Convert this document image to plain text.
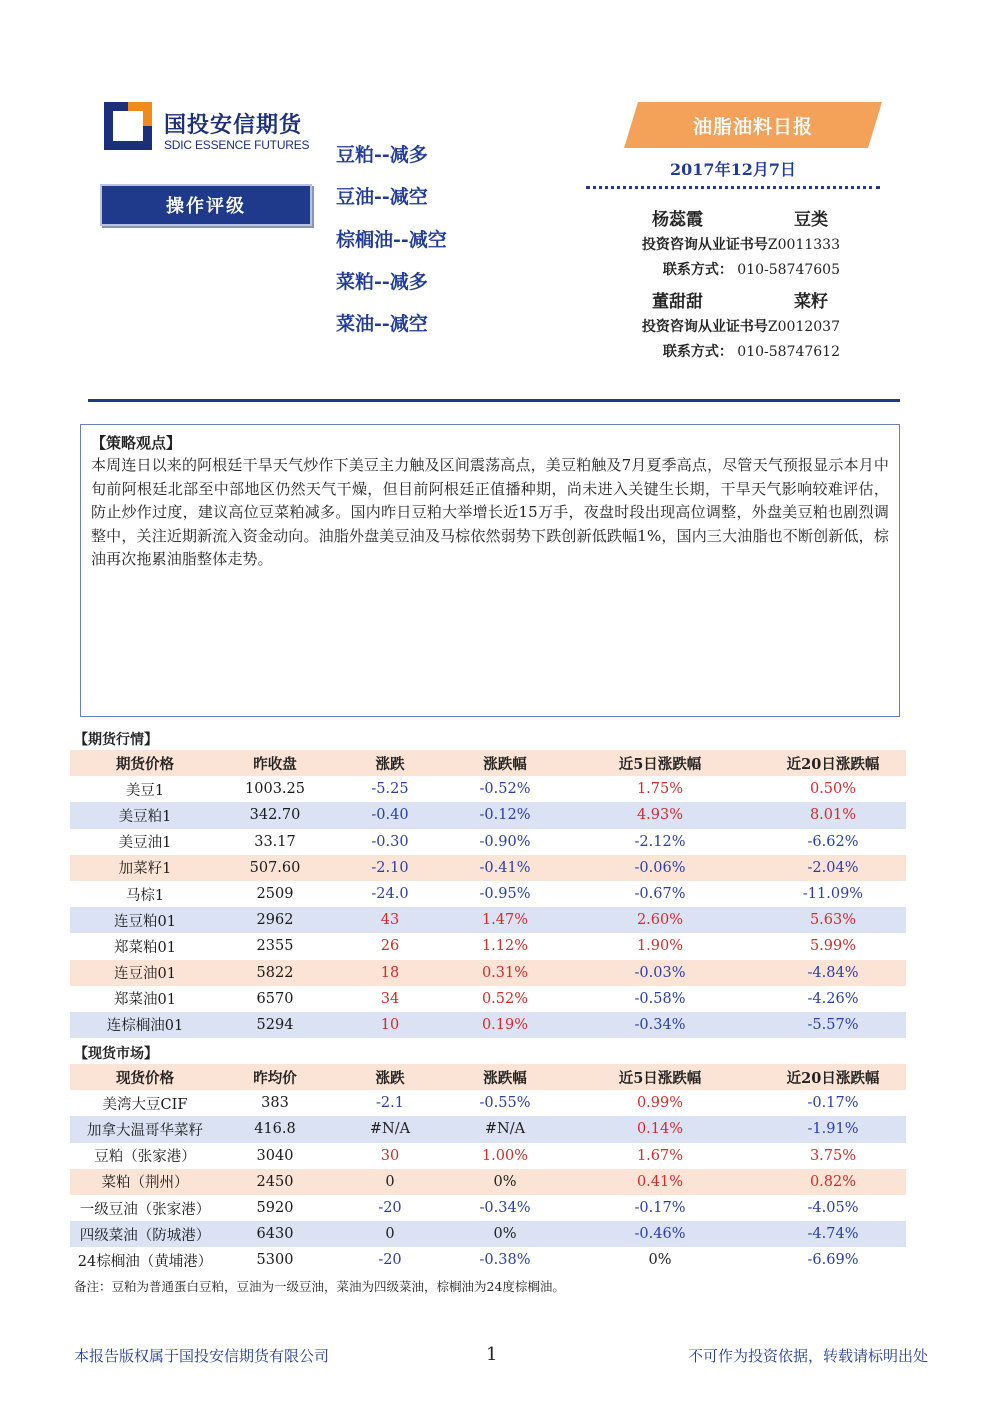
国投安信期货
SDIC ESSENCE FUTURES
操作评级
豆粕--减多
豆油--减空
棕榈油--减空
菜粕--减多
菜油--减空
油脂油料日报
2017年12月7日
杨蕊霞	豆类
投资咨询从业证书号Z0011333
联系方式： 010-58747605
董甜甜	菜籽
投资咨询从业证书号Z0012037
联系方式： 010-58747612
【策略观点】
本周连日以来的阿根廷干旱天气炒作下美豆主力触及区间震荡高点，美豆粕触及7月夏季高点，尽管天气预报显示本月中旬前阿根廷北部至中部地区仍然天气干燥，但目前阿根廷正值播种期，尚未进入关键生长期，干旱天气影响较难评估，防止炒作过度，建议高位豆菜粕减多。国内昨日豆粕大举增长近15万手，夜盘时段出现高位调整，外盘美豆粕也剧烈调整中，关注近期新流入资金动向。油脂外盘美豆油及马棕依然弱势下跌创新低跌幅1%，国内三大油脂也不断创新低，棕油再次拖累油脂整体走势。
【期货行情】
期货价格	昨收盘	涨跌	涨跌幅	近5日涨跌幅	近20日涨跌幅
美豆1	1003.25	-5.25	-0.52%	1.75%	0.50%
美豆粕1	342.70	-0.40	-0.12%	4.93%	8.01%
美豆油1	33.17	-0.30	-0.90%	-2.12%	-6.62%
加菜籽1	507.60	-2.10	-0.41%	-0.06%	-2.04%
马棕1	2509	-24.0	-0.95%	-0.67%	-11.09%
连豆粕01	2962	43	1.47%	2.60%	5.63%
郑菜粕01	2355	26	1.12%	1.90%	5.99%
连豆油01	5822	18	0.31%	-0.03%	-4.84%
郑菜油01	6570	34	0.52%	-0.58%	-4.26%
连棕榈油01	5294	10	0.19%	-0.34%	-5.57%
【现货市场】
现货价格	昨均价	涨跌	涨跌幅	近5日涨跌幅	近20日涨跌幅
美湾大豆CIF	383	-2.1	-0.55%	0.99%	-0.17%
加拿大温哥华菜籽	416.8	#N/A	#N/A	0.14%	-1.91%
豆粕（张家港）	3040	30	1.00%	1.67%	3.75%
菜粕（荆州）	2450	0	0%	0.41%	0.82%
一级豆油（张家港）	5920	-20	-0.34%	-0.17%	-4.05%
四级菜油（防城港）	6430	0	0%	-0.46%	-4.74%
24棕榈油（黄埔港）	5300	-20	-0.38%	0%	-6.69%
备注：豆粕为普通蛋白豆粕，豆油为一级豆油，菜油为四级菜油，棕榈油为24度棕榈油。
本报告版权属于国投安信期货有限公司	1	不可作为投资依据，转载请标明出处
